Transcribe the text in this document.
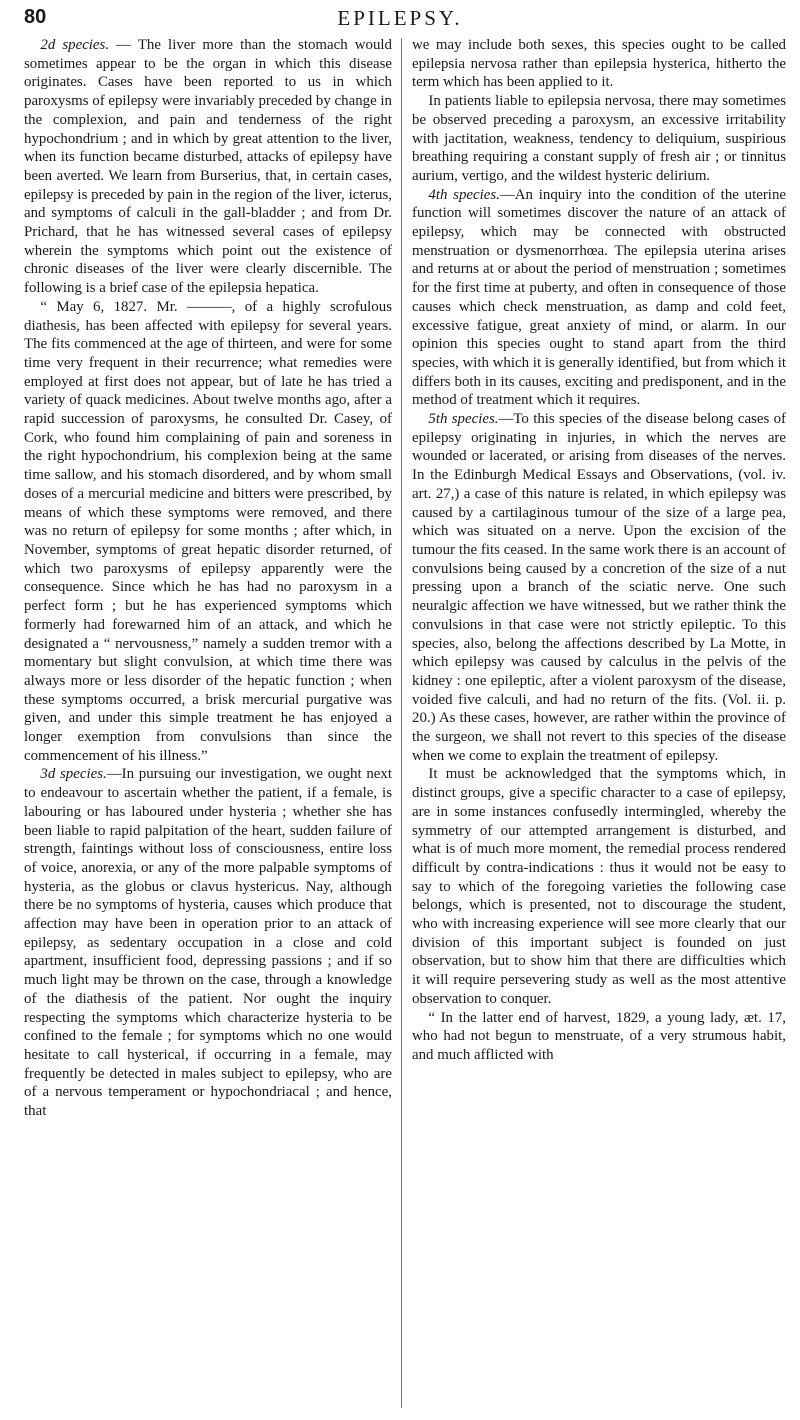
80	EPILEPSY.

2d species. — The liver more than the stomach would sometimes appear to be the organ in which this disease originates. Cases have been reported to us in which paroxysms of epilepsy were invariably preceded by change in the complexion, and pain and tenderness of the right hypochondrium ; and in which by great attention to the liver, when its function became disturbed, attacks of epilepsy have been averted. We learn from Burserius, that, in certain cases, epilepsy is preceded by pain in the region of the liver, icterus, and symptoms of calculi in the gall-bladder ; and from Dr. Prichard, that he has witnessed several cases of epilepsy wherein the symptoms which point out the existence of chronic diseases of the liver were clearly discernible. The following is a brief case of the epilepsia hepatica.

“ May 6, 1827. Mr. ———, of a highly scrofulous diathesis, has been affected with epilepsy for several years. The fits commenced at the age of thirteen, and were for some time very frequent in their recurrence; what remedies were employed at first does not appear, but of late he has tried a variety of quack medicines. About twelve months ago, after a rapid succession of paroxysms, he consulted Dr. Casey, of Cork, who found him complaining of pain and soreness in the right hypochondrium, his complexion being at the same time sallow, and his stomach disordered, and by whom small doses of a mercurial medicine and bitters were prescribed, by means of which these symptoms were removed, and there was no return of epilepsy for some months ; after which, in November, symptoms of great hepatic disorder returned, of which two paroxysms of epilepsy apparently were the consequence. Since which he has had no paroxysm in a perfect form ; but he has experienced symptoms which formerly had forewarned him of an attack, and which he designated a “ nervousness,” namely a sudden tremor with a momentary but slight convulsion, at which time there was always more or less disorder of the hepatic function ; when these symptoms occurred, a brisk mercurial purgative was given, and under this simple treatment he has enjoyed a longer exemption from convulsions than since the commencement of his illness.”

3d species.—In pursuing our investigation, we ought next to endeavour to ascertain whether the patient, if a female, is labouring or has laboured under hysteria ; whether she has been liable to rapid palpitation of the heart, sudden failure of strength, faintings without loss of consciousness, entire loss of voice, anorexia, or any of the more palpable symptoms of hysteria, as the globus or clavus hystericus. Nay, although there be no symptoms of hysteria, causes which produce that affection may have been in operation prior to an attack of epilepsy, as sedentary occupation in a close and cold apartment, insufficient food, depressing passions ; and if so much light may be thrown on the case, through a knowledge of the diathesis of the patient. Nor ought the inquiry respecting the symptoms which characterize hysteria to be confined to the female ; for symptoms which no one would hesitate to call hysterical, if occurring in a female, may frequently be detected in males subject to epilepsy, who are of a nervous temperament or hypochondriacal ; and hence, that

we may include both sexes, this species ought to be called epilepsia nervosa rather than epilepsia hysterica, hitherto the term which has been applied to it.

In patients liable to epilepsia nervosa, there may sometimes be observed preceding a paroxysm, an excessive irritability with jactitation, weakness, tendency to deliquium, suspirious breathing requiring a constant supply of fresh air ; or tinnitus aurium, vertigo, and the wildest hysteric delirium.

4th species.—An inquiry into the condition of the uterine function will sometimes discover the nature of an attack of epilepsy, which may be connected with obstructed menstruation or dysmenorrhœa. The epilepsia uterina arises and returns at or about the period of menstruation ; sometimes for the first time at puberty, and often in consequence of those causes which check menstruation, as damp and cold feet, excessive fatigue, great anxiety of mind, or alarm. In our opinion this species ought to stand apart from the third species, with which it is generally identified, but from which it differs both in its causes, exciting and predisponent, and in the method of treatment which it requires.

5th species.—To this species of the disease belong cases of epilepsy originating in injuries, in which the nerves are wounded or lacerated, or arising from diseases of the nerves. In the Edinburgh Medical Essays and Observations, (vol. iv. art. 27,) a case of this nature is related, in which epilepsy was caused by a cartilaginous tumour of the size of a large pea, which was situated on a nerve. Upon the excision of the tumour the fits ceased. In the same work there is an account of convulsions being caused by a concretion of the size of a nut pressing upon a branch of the sciatic nerve. One such neuralgic affection we have witnessed, but we rather think the convulsions in that case were not strictly epileptic. To this species, also, belong the affections described by La Motte, in which epilepsy was caused by calculus in the pelvis of the kidney : one epileptic, after a violent paroxysm of the disease, voided five calculi, and had no return of the fits. (Vol. ii. p. 20.) As these cases, however, are rather within the province of the surgeon, we shall not revert to this species of the disease when we come to explain the treatment of epilepsy.

It must be acknowledged that the symptoms which, in distinct groups, give a specific character to a case of epilepsy, are in some instances confusedly intermingled, whereby the symmetry of our attempted arrangement is disturbed, and what is of much more moment, the remedial process rendered difficult by contra-indications : thus it would not be easy to say to which of the foregoing varieties the following case belongs, which is presented, not to discourage the student, who with increasing experience will see more clearly that our division of this important subject is founded on just observation, but to show him that there are difficulties which it will require persevering study as well as the most attentive observation to conquer.

“ In the latter end of harvest, 1829, a young lady, æt. 17, who had not begun to menstruate, of a very strumous habit, and much afflicted with
